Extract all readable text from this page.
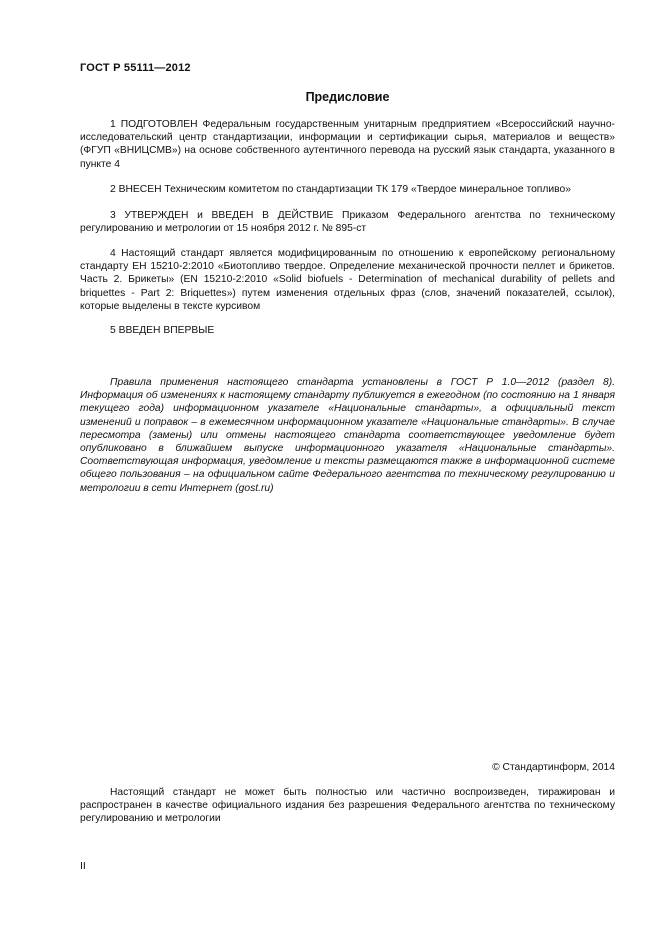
ГОСТ Р 55111—2012
Предисловие

1 ПОДГОТОВЛЕН Федеральным государственным унитарным предприятием «Всероссийский научно-исследовательский центр стандартизации, информации и сертификации сырья, материалов и веществ» (ФГУП «ВНИЦСМВ») на основе собственного аутентичного перевода на русский язык стандарта, указанного в пункте 4

2 ВНЕСЕН Техническим комитетом по стандартизации ТК 179 «Твердое минеральное топливо»

3 УТВЕРЖДЕН и ВВЕДЕН В ДЕЙСТВИЕ Приказом Федерального агентства по техническому регулированию и метрологии от 15 ноября 2012 г. № 895-ст

4 Настоящий стандарт является модифицированным по отношению к европейскому региональному стандарту ЕН 15210-2:2010 «Биотопливо твердое. Определение механической прочности пеллет и брикетов. Часть 2. Брикеты» (EN 15210-2:2010 «Solid biofuels - Determination of mechanical durability of pellets and briquettes - Part 2: Briquettes») путем изменения отдельных фраз (слов, значений показателей, ссылок), которые выделены в тексте курсивом

5 ВВЕДЕН ВПЕРВЫЕ

Правила применения настоящего стандарта установлены в ГОСТ Р 1.0—2012 (раздел 8). Информация об изменениях к настоящему стандарту публикуется в ежегодном (по состоянию на 1 января текущего года) информационном указателе «Национальные стандарты», а официальный текст изменений и поправок – в ежемесячном информационном указателе «Национальные стандарты». В случае пересмотра (замены) или отмены настоящего стандарта соответствующее уведомление будет опубликовано в ближайшем выпуске информационного указателя «Национальные стандарты». Соответствующая информация, уведомление и тексты размещаются также в информационной системе общего пользования – на официальном сайте Федерального агентства по техническому регулированию и метрологии в сети Интернет (gost.ru)

© Стандартинформ, 2014

Настоящий стандарт не может быть полностью или частично воспроизведен, тиражирован и распространен в качестве официального издания без разрешения Федерального агентства по техническому регулированию и метрологии

II
